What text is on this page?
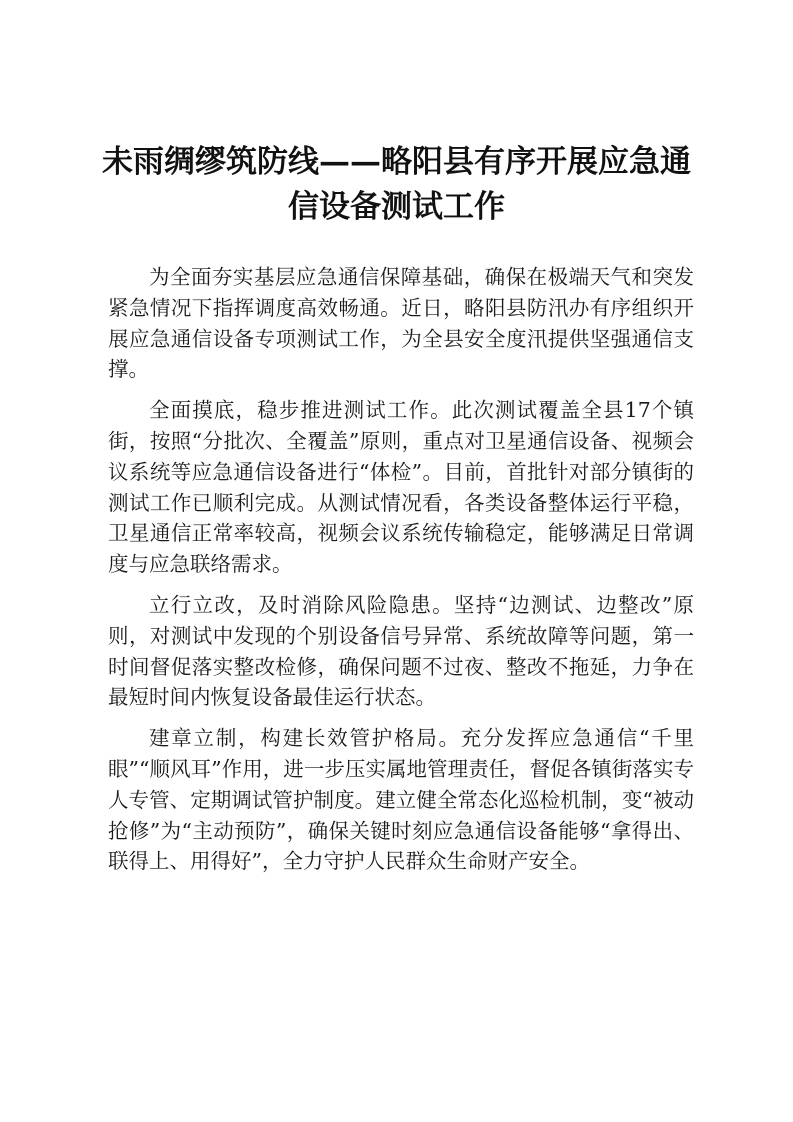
未雨绸缪筑防线——略阳县有序开展应急通
信设备测试工作

为全面夯实基层应急通信保障基础，确保在极端天气和突发紧急情况下指挥调度高效畅通。近日，略阳县防汛办有序组织开展应急通信设备专项测试工作，为全县安全度汛提供坚强通信支撑。

全面摸底，稳步推进测试工作。此次测试覆盖全县17个镇街，按照“分批次、全覆盖”原则，重点对卫星通信设备、视频会议系统等应急通信设备进行“体检”。目前，首批针对部分镇街的测试工作已顺利完成。从测试情况看，各类设备整体运行平稳，卫星通信正常率较高，视频会议系统传输稳定，能够满足日常调度与应急联络需求。

立行立改，及时消除风险隐患。坚持“边测试、边整改”原则，对测试中发现的个别设备信号异常、系统故障等问题，第一时间督促落实整改检修，确保问题不过夜、整改不拖延，力争在最短时间内恢复设备最佳运行状态。

建章立制，构建长效管护格局。充分发挥应急通信“千里眼”“顺风耳”作用，进一步压实属地管理责任，督促各镇街落实专人专管、定期调试管护制度。建立健全常态化巡检机制，变“被动抢修”为“主动预防”，确保关键时刻应急通信设备能够“拿得出、联得上、用得好”，全力守护人民群众生命财产安全。
